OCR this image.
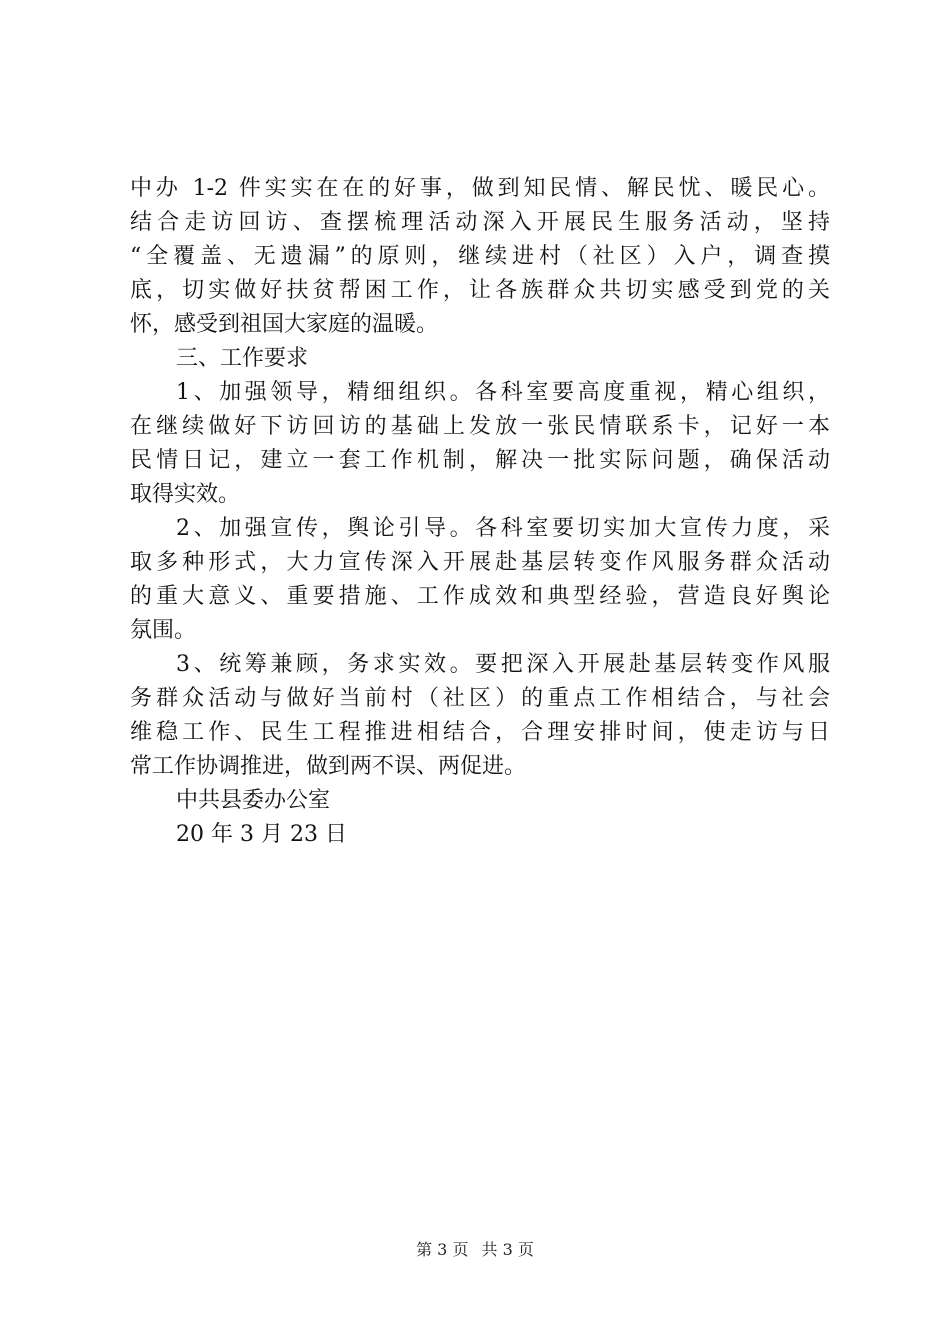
中办 1-2 件实实在在的好事，做到知民情、解民忧、暖民心。
结合走访回访、查摆梳理活动深入开展民生服务活动，坚持
“全覆盖、无遗漏”的原则，继续进村（社区）入户，调查摸
底，切实做好扶贫帮困工作，让各族群众共切实感受到党的关
怀，感受到祖国大家庭的温暖。
三、工作要求
1、加强领导，精细组织。各科室要高度重视，精心组织，
在继续做好下访回访的基础上发放一张民情联系卡，记好一本
民情日记，建立一套工作机制，解决一批实际问题，确保活动
取得实效。
2、加强宣传，舆论引导。各科室要切实加大宣传力度，采
取多种形式，大力宣传深入开展赴基层转变作风服务群众活动
的重大意义、重要措施、工作成效和典型经验，营造良好舆论
氛围。
3、统筹兼顾，务求实效。要把深入开展赴基层转变作风服
务群众活动与做好当前村（社区）的重点工作相结合，与社会
维稳工作、民生工程推进相结合，合理安排时间，使走访与日
常工作协调推进，做到两不误、两促进。
中共县委办公室
20 年 3 月 23 日
第 3 页 共 3 页
